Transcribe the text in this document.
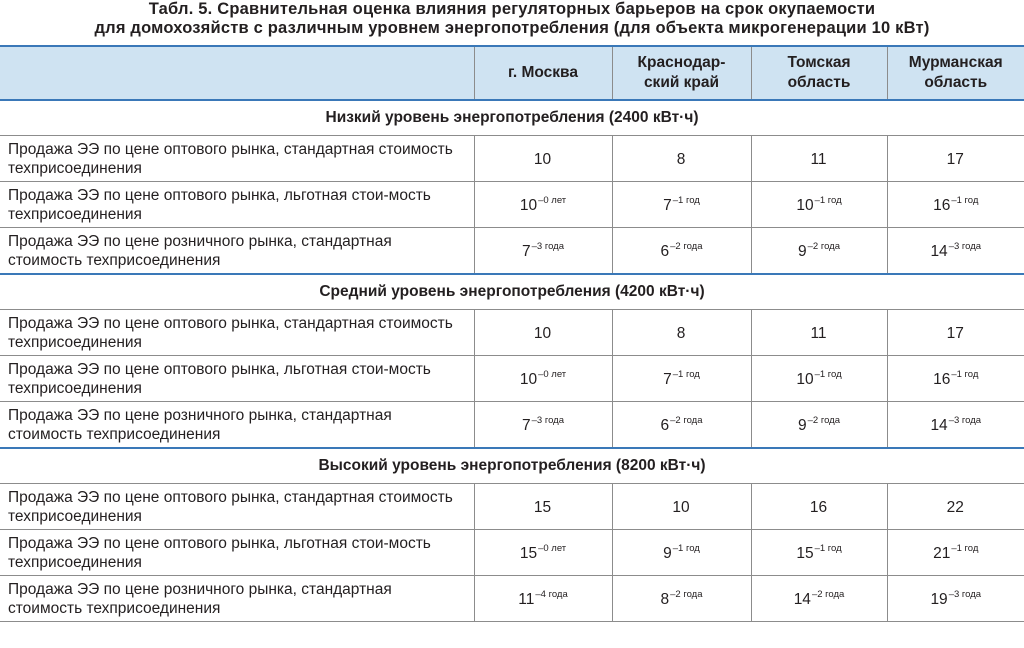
Табл. 5. Сравнительная оценка влияния регуляторных барьеров на срок окупаемости
для домохозяйств с различным уровнем энергопотребления (для объекта микрогенерации 10 кВт)

	г. Москва	Краснодар-ский край	Томская область	Мурманская область

Низкий уровень энергопотребления (2400 кВт·ч)				
Продажа ЭЭ по цене оптового рынка, стандартная стоимость техприсоединения	10	8	11	17
Продажа ЭЭ по цене оптового рынка, льготная стои-мость техприсоединения	$10^{-0 лет}$	$7^{-1 год}$	$10^{-1 год}$	$16^{-1 год}$
Продажа ЭЭ по цене розничного рынка, стандартная стоимость техприсоединения	$7^{-3 года}$	$6^{-2 года}$	$9^{-2 года}$	$14^{-3 года}$
Средний уровень энергопотребления (4200 кВт·ч)				
Продажа ЭЭ по цене оптового рынка, стандартная стоимость техприсоединения	10	8	11	17
Продажа ЭЭ по цене оптового рынка, льготная стои-мость техприсоединения	$10^{-0 лет}$	$7^{-1 год}$	$10^{-1 год}$	$16^{-1 год}$
Продажа ЭЭ по цене розничного рынка, стандартная стоимость техприсоединения	$7^{-3 года}$	$6^{-2 года}$	$9^{-2 года}$	$14^{-3 года}$
Высокий уровень энергопотребления (8200 кВт·ч)				
Продажа ЭЭ по цене оптового рынка, стандартная стоимость техприсоединения	15	10	16	22
Продажа ЭЭ по цене оптового рынка, льготная стои-мость техприсоединения	$15^{-0 лет}$	$9^{-1 год}$	$15^{-1 год}$	$21^{-1 год}$
Продажа ЭЭ по цене розничного рынка, стандартная стоимость техприсоединения	$11^{-4 года}$	$8^{-2 года}$	$14^{-2 года}$	$19^{-3 года}$
